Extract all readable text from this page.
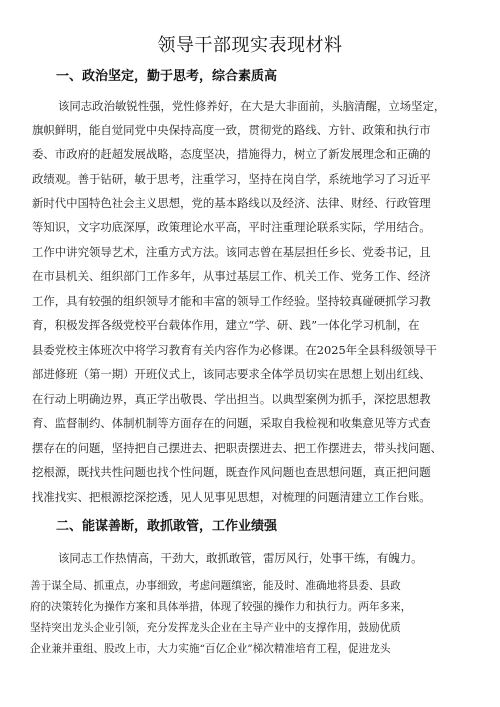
领导干部现实表现材料
一、政治坚定，勤于思考，综合素质高
该同志政治敏锐性强，党性修养好，在大是大非面前，头脑清醒，立场坚定，
旗帜鲜明，能自觉同党中央保持高度一致，贯彻党的路线、方针、政策和执行市
委、市政府的赶超发展战略，态度坚决，措施得力，树立了新发展理念和正确的
政绩观。善于钻研，敏于思考，注重学习，坚持在岗自学，系统地学习了习近平
新时代中国特色社会主义思想，党的基本路线以及经济、法律、财经、行政管理
等知识，文字功底深厚，政策理论水平高，平时注重理论联系实际，学用结合。
工作中讲究领导艺术，注重方式方法。该同志曾在基层担任乡长、党委书记，且
在市县机关、组织部门工作多年，从事过基层工作、机关工作、党务工作、经济
工作，具有较强的组织领导才能和丰富的领导工作经验。坚持较真碰硬抓学习教
育，积极发挥各级党校平台载体作用，建立“学、研、践”一体化学习机制，在
县委党校主体班次中将学习教育有关内容作为必修课。在2025年全县科级领导干
部进修班（第一期）开班仪式上，该同志要求全体学员切实在思想上划出红线、
在行动上明确边界，真正学出敬畏、学出担当。以典型案例为抓手，深挖思想教
育、监督制约、体制机制等方面存在的问题，采取自我检视和收集意见等方式查
摆存在的问题，坚持把自己摆进去、把职责摆进去、把工作摆进去，带头找问题、
挖根源，既找共性问题也找个性问题，既查作风问题也查思想问题，真正把问题
找准找实、把根源挖深挖透，见人见事见思想，对梳理的问题清建立工作台账。
二、能谋善断，敢抓敢管，工作业绩强
该同志工作热情高，干劲大，敢抓敢管，雷厉风行，处事干练，有魄力。
善于谋全局、抓重点，办事细致，考虑问题缜密，能及时、准确地将县委、县政
府的决策转化为操作方案和具体举措，体现了较强的操作力和执行力。两年多来，
坚持突出龙头企业引领，充分发挥龙头企业在主导产业中的支撑作用，鼓励优质
企业兼并重组、股改上市，大力实施“百亿企业”梯次精准培育工程，促进龙头
